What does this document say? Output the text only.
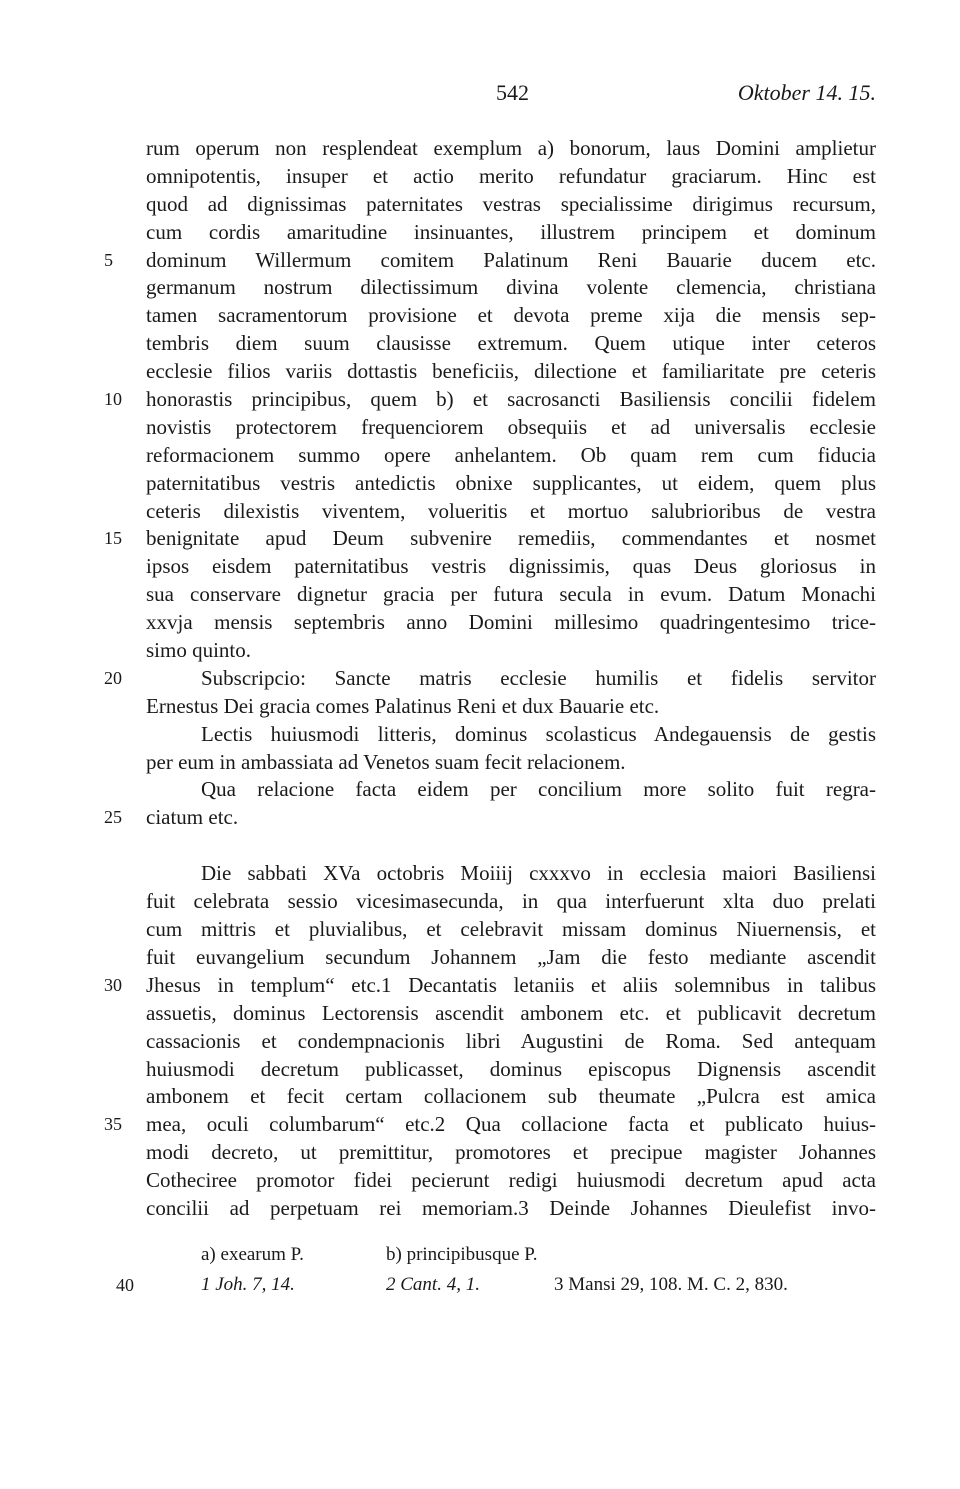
542	Oktober 14. 15.
rum operum non resplendeat exemplum a) bonorum, laus Domini amplietur
omnipotentis, insuper et actio merito refundatur graciarum. Hinc est
quod ad dignissimas paternitates vestras specialissime dirigimus recursum,
cum cordis amaritudine insinuantes, illustrem principem et dominum
5	dominum Willermum comitem Palatinum Reni Bauarie ducem etc.
germanum nostrum dilectissimum divina volente clemencia, christiana
tamen sacramentorum provisione et devota preme xija die mensis sep-
tembris diem suum clausisse extremum. Quem utique inter ceteros
ecclesie filios variis dottastis beneficiis, dilectione et familiaritate pre ceteris
10	honorastis principibus, quem b) et sacrosancti Basiliensis concilii fidelem
novistis protectorem frequenciorem obsequiis et ad universalis ecclesie
reformacionem summo opere anhelantem. Ob quam rem cum fiducia
paternitatibus vestris antedictis obnixe supplicantes, ut eidem, quem plus
ceteris dilexistis viventem, volueritis et mortuo salubrioribus de vestra
15	benignitate apud Deum subvenire remediis, commendantes et nosmet
ipsos eisdem paternitatibus vestris dignissimis, quas Deus gloriosus in
sua conservare dignetur gracia per futura secula in evum. Datum Monachi
xxvja mensis septembris anno Domini millesimo quadringentesimo trice-
simo quinto.
20	Subscripcio: Sancte matris ecclesie humilis et fidelis servitor
Ernestus Dei gracia comes Palatinus Reni et dux Bauarie etc.
Lectis huiusmodi litteris, dominus scolasticus Andegauensis de gestis
per eum in ambassiata ad Venetos suam fecit relacionem.
Qua relacione facta eidem per concilium more solito fuit regra-
25	ciatum etc.
Die sabbati XVa octobris Moiiij cxxxvo in ecclesia maiori Basiliensi
fuit celebrata sessio vicesimasecunda, in qua interfuerunt xlta duo prelati
cum mittris et pluvialibus, et celebravit missam dominus Niuernensis, et
fuit euvangelium secundum Johannem „Jam die festo mediante ascendit
30	Jhesus in templum“ etc.1 Decantatis letaniis et aliis solemnibus in talibus
assuetis, dominus Lectorensis ascendit ambonem etc. et publicavit decretum
cassacionis et condempnacionis libri Augustini de Roma. Sed antequam
huiusmodi decretum publicasset, dominus episcopus Dignensis ascendit
ambonem et fecit certam collacionem sub theumate „Pulcra est amica
35	mea, oculi columbarum“ etc.2 Qua collacione facta et publicato huius-
modi decreto, ut premittitur, promotores et precipue magister Johannes
Cotheciree promotor fidei pecierunt redigi huiusmodi decretum apud acta
concilii ad perpetuam rei memoriam.3 Deinde Johannes Dieulefist invo-
a) exearum P.	b) principibusque P.
40	1 Joh. 7, 14.	2 Cant. 4, 1.	3 Mansi 29, 108. M. C. 2, 830.
